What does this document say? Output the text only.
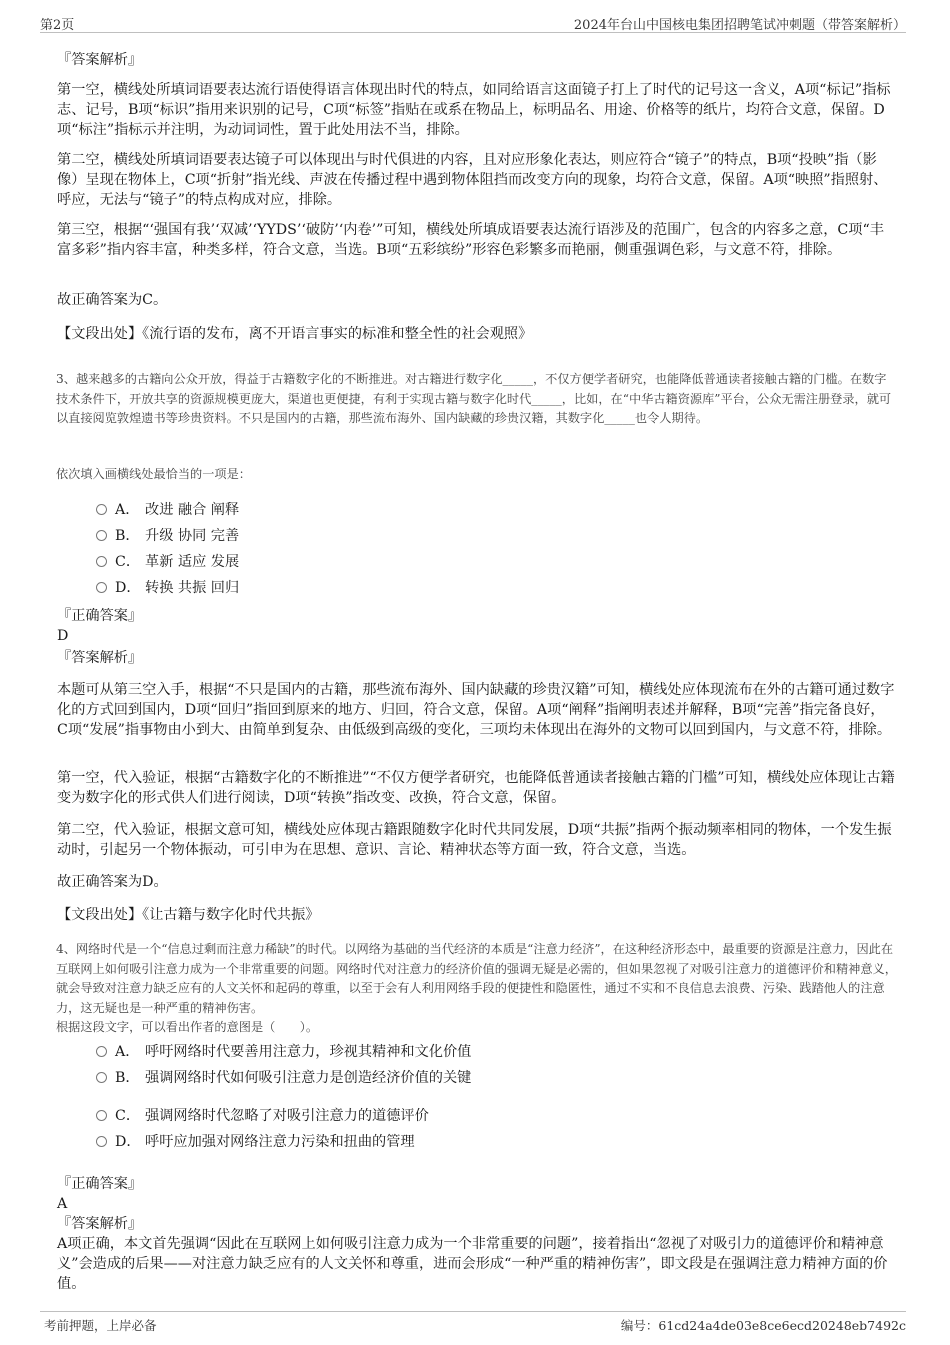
第2页	2024年台山中国核电集团招聘笔试冲刺题（带答案解析）
『答案解析』
第一空，横线处所填词语要表达流行语使得语言体现出时代的特点，如同给语言这面镜子打上了时代的记号这一含义，A项“标记”指标志、记号，B项“标识”指用来识别的记号，C项“标签”指贴在或系在物品上，标明品名、用途、价格等的纸片，均符合文意，保留。D项“标注”指标示并注明，为动词词性，置于此处用法不当，排除。
第二空，横线处所填词语要表达镜子可以体现出与时代俱进的内容，且对应形象化表达，则应符合“镜子”的特点，B项“投映”指（影像）呈现在物体上，C项“折射”指光线、声波在传播过程中遇到物体阻挡而改变方向的现象，均符合文意，保留。A项“映照”指照射、呼应，无法与“镜子”的特点构成对应，排除。
第三空，根据“‘强国有我’‘双减’‘YYDS’‘破防’‘内卷’”可知，横线处所填成语要表达流行语涉及的范围广，包含的内容多之意，C项“丰富多彩”指内容丰富，种类多样，符合文意，当选。B项“五彩缤纷”形容色彩繁多而艳丽，侧重强调色彩，与文意不符，排除。
故正确答案为C。
【文段出处】《流行语的发布，离不开语言事实的标准和整全性的社会观照》
3、越来越多的古籍向公众开放，得益于古籍数字化的不断推进。对古籍进行数字化_____，不仅方便学者研究，也能降低普通读者接触古籍的门槛。在数字技术条件下，开放共享的资源规模更庞大，渠道也更便捷，有利于实现古籍与数字化时代_____，比如，在“中华古籍资源库”平台，公众无需注册登录，就可以直接阅览敦煌遗书等珍贵资料。不只是国内的古籍，那些流布海外、国内缺藏的珍贵汉籍，其数字化_____也令人期待。
依次填入画横线处最恰当的一项是：
A． 改进 融合 阐释
B． 升级 协同 完善
C． 革新 适应 发展
D． 转换 共振 回归
『正确答案』
D
『答案解析』
本题可从第三空入手，根据“不只是国内的古籍，那些流布海外、国内缺藏的珍贵汉籍”可知，横线处应体现流布在外的古籍可通过数字化的方式回到国内，D项“回归”指回到原来的地方、归回，符合文意，保留。A项“阐释”指阐明表述并解释，B项“完善”指完备良好，C项“发展”指事物由小到大、由简单到复杂、由低级到高级的变化，三项均未体现出在海外的文物可以回到国内，与文意不符，排除。
第一空，代入验证，根据“古籍数字化的不断推进”“不仅方便学者研究，也能降低普通读者接触古籍的门槛”可知，横线处应体现让古籍变为数字化的形式供人们进行阅读，D项“转换”指改变、改换，符合文意，保留。
第二空，代入验证，根据文意可知，横线处应体现古籍跟随数字化时代共同发展，D项“共振”指两个振动频率相同的物体，一个发生振动时，引起另一个物体振动，可引申为在思想、意识、言论、精神状态等方面一致，符合文意，当选。
故正确答案为D。
【文段出处】《让古籍与数字化时代共振》
4、网络时代是一个“信息过剩而注意力稀缺”的时代。以网络为基础的当代经济的本质是“注意力经济”，在这种经济形态中，最重要的资源是注意力，因此在互联网上如何吸引注意力成为一个非常重要的问题。网络时代对注意力的经济价值的强调无疑是必需的，但如果忽视了对吸引注意力的道德评价和精神意义，就会导致对注意力缺乏应有的人文关怀和起码的尊重，以至于会有人利用网络手段的便捷性和隐匿性，通过不实和不良信息去浪费、污染、践踏他人的注意力，这无疑也是一种严重的精神伤害。
根据这段文字，可以看出作者的意图是（　　）。
A． 呼吁网络时代要善用注意力，珍视其精神和文化价值
B． 强调网络时代如何吸引注意力是创造经济价值的关键
C． 强调网络时代忽略了对吸引注意力的道德评价
D． 呼吁应加强对网络注意力污染和扭曲的管理
『正确答案』
A
『答案解析』
A项正确，本文首先强调“因此在互联网上如何吸引注意力成为一个非常重要的问题”，接着指出“忽视了对吸引力的道德评价和精神意义”会造成的后果——对注意力缺乏应有的人文关怀和尊重，进而会形成“一种严重的精神伤害”，即文段是在强调注意力精神方面的价值。
考前押题，上岸必备	编号：61cd24a4de03e8ce6ecd20248eb7492c
